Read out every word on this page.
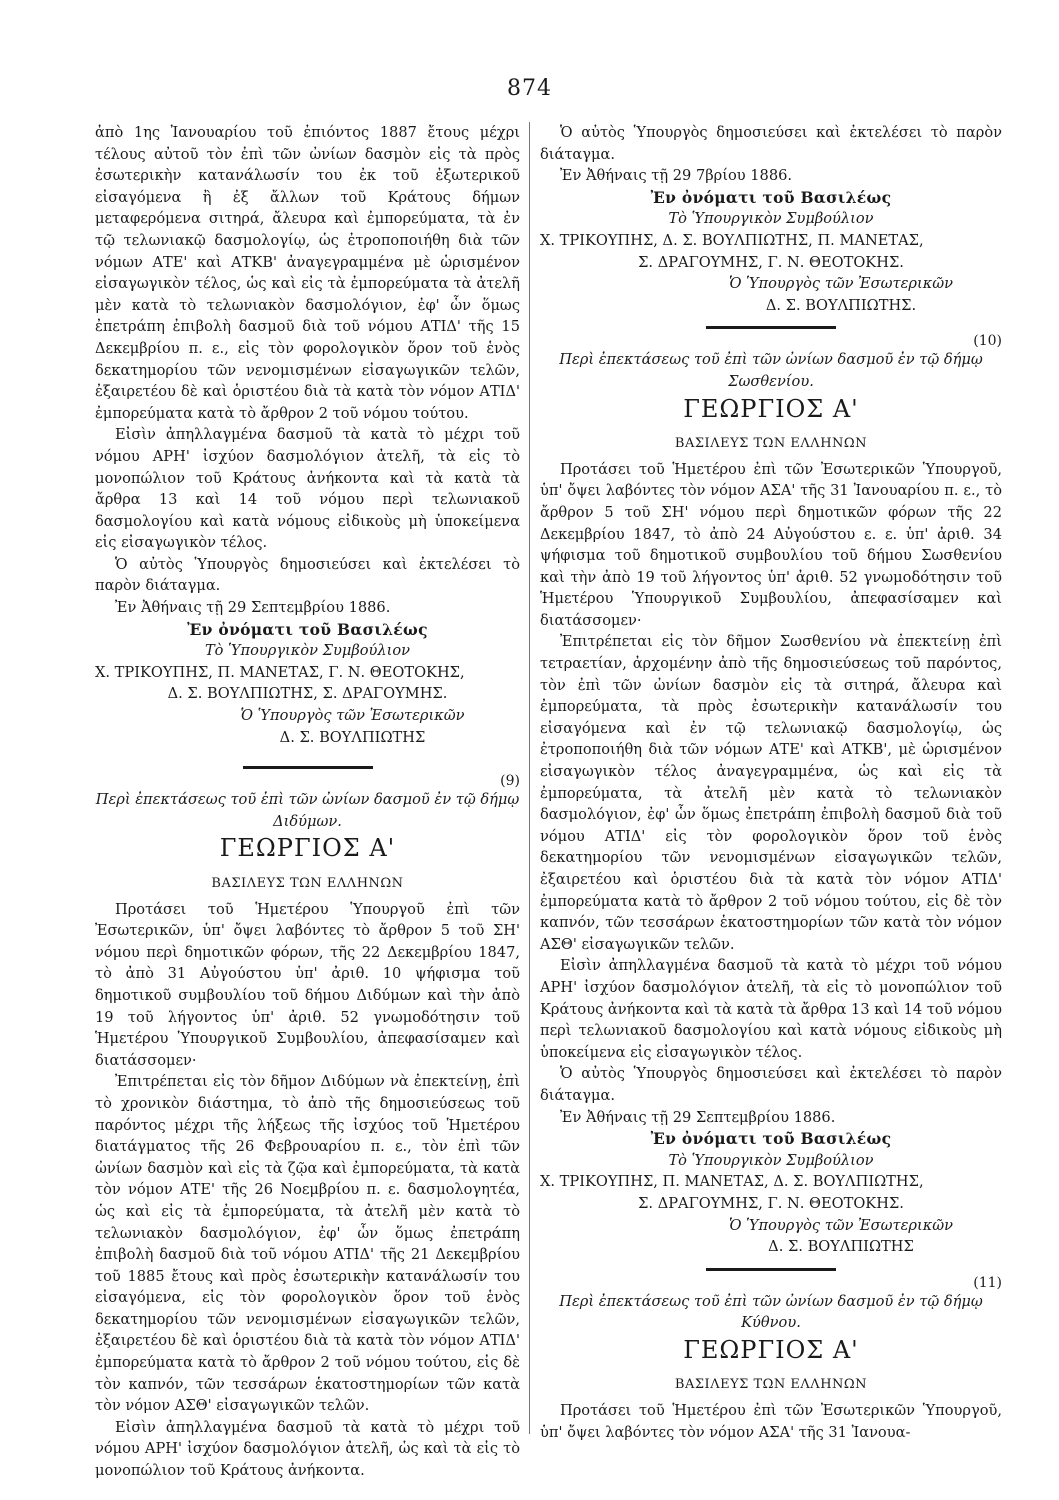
874

ἀπὸ 1ης Ἰανουαρίου τοῦ ἐπιόντος 1887 ἔτους μέχρι τέλους αὐτοῦ τὸν ἐπὶ τῶν ὠνίων δασμὸν εἰς τὰ πρὸς ἐσωτερικὴν κατανάλωσίν του ἐκ τοῦ ἐξωτερικοῦ εἰσαγόμενα ἢ ἐξ ἄλλων τοῦ Κράτους δήμων μεταφερόμενα σιτηρά, ἄλευρα καὶ ἐμπορεύματα, τὰ ἐν τῷ τελωνιακῷ δασμολογίῳ, ὡς ἐτροποποιήθη διὰ τῶν νόμων ΑΤΕ' καὶ ΑΤΚΒ' ἀναγεγραμμένα μὲ ὡρισμένον εἰσαγωγικὸν τέλος, ὡς καὶ εἰς τὰ ἐμπορεύματα τὰ ἀτελῆ μὲν κατὰ τὸ τελωνιακὸν δασμολόγιον, ἐφ' ὧν ὅμως ἐπετράπη ἐπιβολὴ δασμοῦ διὰ τοῦ νόμου ΑΤΙΔ' τῆς 15 Δεκεμβρίου π. ε., εἰς τὸν φορολογικὸν ὅρον τοῦ ἑνὸς δεκατημορίου τῶν νενομισμένων εἰσαγωγικῶν τελῶν, ἐξαιρετέου δὲ καὶ ὁριστέου διὰ τὰ κατὰ τὸν νόμον ΑΤΙΔ' ἐμπορεύματα κατὰ τὸ ἄρθρον 2 τοῦ νόμου τούτου.

Εἰσὶν ἀπηλλαγμένα δασμοῦ τὰ κατὰ τὸ μέχρι τοῦ νόμου ΑΡΗ' ἰσχύον δασμολόγιον ἀτελῆ, τὰ εἰς τὸ μονοπώλιον τοῦ Κράτους ἀνήκοντα καὶ τὰ κατὰ τὰ ἄρθρα 13 καὶ 14 τοῦ νόμου περὶ τελωνιακοῦ δασμολογίου καὶ κατὰ νόμους εἰδικοὺς μὴ ὑποκείμενα εἰς εἰσαγωγικὸν τέλος.

Ὁ αὐτὸς Ὑπουργὸς δημοσιεύσει καὶ ἐκτελέσει τὸ παρὸν διάταγμα.

Ἐν Ἀθήναις τῇ 29 Σεπτεμβρίου 1886.

Ἐν ὀνόματι τοῦ Βασιλέως

Τὸ Ὑπουργικὸν Συμβούλιον

Χ. ΤΡΙΚΟΥΠΗΣ, Π. ΜΑΝΕΤΑΣ, Γ. Ν. ΘΕΟΤΟΚΗΣ,

Δ. Σ. ΒΟΥΛΠΙΩΤΗΣ, Σ. ΔΡΑΓΟΥΜΗΣ.

Ὁ Ὑπουργὸς τῶν Ἐσωτερικῶν

Δ. Σ. ΒΟΥΛΠΙΩΤΗΣ

(9)

Περὶ ἐπεκτάσεως τοῦ ἐπὶ τῶν ὠνίων δασμοῦ ἐν τῷ δήμῳ Διδύμων.

ΓΕΩΡΓΙΟΣ Α'

ΒΑΣΙΛΕΥΣ ΤΩΝ ΕΛΛΗΝΩΝ

Προτάσει τοῦ Ἡμετέρου Ὑπουργοῦ ἐπὶ τῶν Ἐσωτερικῶν, ὑπ' ὄψει λαβόντες τὸ ἄρθρον 5 τοῦ ΣΗ' νόμου περὶ δημοτικῶν φόρων, τῆς 22 Δεκεμβρίου 1847, τὸ ἀπὸ 31 Αὐγούστου ὑπ' ἀριθ. 10 ψήφισμα τοῦ δημοτικοῦ συμβουλίου τοῦ δήμου Διδύμων καὶ τὴν ἀπὸ 19 τοῦ λήγοντος ὑπ' ἀριθ. 52 γνωμοδότησιν τοῦ Ἡμετέρου Ὑπουργικοῦ Συμβουλίου, ἀπεφασίσαμεν καὶ διατάσσομεν·

Ἐπιτρέπεται εἰς τὸν δῆμον Διδύμων νὰ ἐπεκτείνῃ, ἐπὶ τὸ χρονικὸν διάστημα, τὸ ἀπὸ τῆς δημοσιεύσεως τοῦ παρόντος μέχρι τῆς λήξεως τῆς ἰσχύος τοῦ Ἡμετέρου διατάγματος τῆς 26 Φεβρουαρίου π. ε., τὸν ἐπὶ τῶν ὠνίων δασμὸν καὶ εἰς τὰ ζῷα καὶ ἐμπορεύματα, τὰ κατὰ τὸν νόμον ΑΤΕ' τῆς 26 Νοεμβρίου π. ε. δασμολογητέα, ὡς καὶ εἰς τὰ ἐμπορεύματα, τὰ ἀτελῆ μὲν κατὰ τὸ τελωνιακὸν δασμολόγιον, ἐφ' ὧν ὅμως ἐπετράπη ἐπιβολὴ δασμοῦ διὰ τοῦ νόμου ΑΤΙΔ' τῆς 21 Δεκεμβρίου τοῦ 1885 ἔτους καὶ πρὸς ἐσωτερικὴν κατανάλωσίν του εἰσαγόμενα, εἰς τὸν φορολογικὸν ὅρον τοῦ ἑνὸς δεκατημορίου τῶν νενομισμένων εἰσαγωγικῶν τελῶν, ἐξαιρετέου δὲ καὶ ὁριστέου διὰ τὰ κατὰ τὸν νόμον ΑΤΙΔ' ἐμπορεύματα κατὰ τὸ ἄρθρον 2 τοῦ νόμου τούτου, εἰς δὲ τὸν καπνόν, τῶν τεσσάρων ἑκατοστημορίων τῶν κατὰ τὸν νόμον ΑΣΘ' εἰσαγωγικῶν τελῶν.

Εἰσὶν ἀπηλλαγμένα δασμοῦ τὰ κατὰ τὸ μέχρι τοῦ νόμου ΑΡΗ' ἰσχύον δασμολόγιον ἀτελῆ, ὡς καὶ τὰ εἰς τὸ μονοπώλιον τοῦ Κράτους ἀνήκοντα.

Ὁ αὐτὸς Ὑπουργὸς δημοσιεύσει καὶ ἐκτελέσει τὸ παρὸν διάταγμα.

Ἐν Ἀθήναις τῇ 29 7βρίου 1886.

Ἐν ὀνόματι τοῦ Βασιλέως

Τὸ Ὑπουργικὸν Συμβούλιον

Χ. ΤΡΙΚΟΥΠΗΣ, Δ. Σ. ΒΟΥΛΠΙΩΤΗΣ, Π. ΜΑΝΕΤΑΣ,

Σ. ΔΡΑΓΟΥΜΗΣ, Γ. Ν. ΘΕΟΤΟΚΗΣ.

Ὁ Ὑπουργὸς τῶν Ἐσωτερικῶν

Δ. Σ. ΒΟΥΛΠΙΩΤΗΣ.

(10)

Περὶ ἐπεκτάσεως τοῦ ἐπὶ τῶν ὠνίων δασμοῦ ἐν τῷ δήμῳ Σωσθενίου.

ΓΕΩΡΓΙΟΣ Α'

ΒΑΣΙΛΕΥΣ ΤΩΝ ΕΛΛΗΝΩΝ

Προτάσει τοῦ Ἡμετέρου ἐπὶ τῶν Ἐσωτερικῶν Ὑπουργοῦ, ὑπ' ὄψει λαβόντες τὸν νόμον ΑΣΑ' τῆς 31 Ἰανουαρίου π. ε., τὸ ἄρθρον 5 τοῦ ΣΗ' νόμου περὶ δημοτικῶν φόρων τῆς 22 Δεκεμβρίου 1847, τὸ ἀπὸ 24 Αὐγούστου ε. ε. ὑπ' ἀριθ. 34 ψήφισμα τοῦ δημοτικοῦ συμβουλίου τοῦ δήμου Σωσθενίου καὶ τὴν ἀπὸ 19 τοῦ λήγοντος ὑπ' ἀριθ. 52 γνωμοδότησιν τοῦ Ἡμετέρου Ὑπουργικοῦ Συμβουλίου, ἀπεφασίσαμεν καὶ διατάσσομεν·

Ἐπιτρέπεται εἰς τὸν δῆμον Σωσθενίου νὰ ἐπεκτείνῃ ἐπὶ τετραετίαν, ἀρχομένην ἀπὸ τῆς δημοσιεύσεως τοῦ παρόντος, τὸν ἐπὶ τῶν ὠνίων δασμὸν εἰς τὰ σιτηρά, ἄλευρα καὶ ἐμπορεύματα, τὰ πρὸς ἐσωτερικὴν κατανάλωσίν του εἰσαγόμενα καὶ ἐν τῷ τελωνιακῷ δασμολογίῳ, ὡς ἐτροποποιήθη διὰ τῶν νόμων ΑΤΕ' καὶ ΑΤΚΒ', μὲ ὡρισμένον εἰσαγωγικὸν τέλος ἀναγεγραμμένα, ὡς καὶ εἰς τὰ ἐμπορεύματα, τὰ ἀτελῆ μὲν κατὰ τὸ τελωνιακὸν δασμολόγιον, ἐφ' ὧν ὅμως ἐπετράπη ἐπιβολὴ δασμοῦ διὰ τοῦ νόμου ΑΤΙΔ' εἰς τὸν φορολογικὸν ὅρον τοῦ ἑνὸς δεκατημορίου τῶν νενομισμένων εἰσαγωγικῶν τελῶν, ἐξαιρετέου καὶ ὁριστέου διὰ τὰ κατὰ τὸν νόμον ΑΤΙΔ' ἐμπορεύματα κατὰ τὸ ἄρθρον 2 τοῦ νόμου τούτου, εἰς δὲ τὸν καπνόν, τῶν τεσσάρων ἑκατοστημορίων τῶν κατὰ τὸν νόμον ΑΣΘ' εἰσαγωγικῶν τελῶν.

Εἰσὶν ἀπηλλαγμένα δασμοῦ τὰ κατὰ τὸ μέχρι τοῦ νόμου ΑΡΗ' ἰσχύον δασμολόγιον ἀτελῆ, τὰ εἰς τὸ μονοπώλιον τοῦ Κράτους ἀνήκοντα καὶ τὰ κατὰ τὰ ἄρθρα 13 καὶ 14 τοῦ νόμου περὶ τελωνιακοῦ δασμολογίου καὶ κατὰ νόμους εἰδικοὺς μὴ ὑποκείμενα εἰς εἰσαγωγικὸν τέλος.

Ὁ αὐτὸς Ὑπουργὸς δημοσιεύσει καὶ ἐκτελέσει τὸ παρὸν διάταγμα.

Ἐν Ἀθήναις τῇ 29 Σεπτεμβρίου 1886.

Ἐν ὀνόματι τοῦ Βασιλέως

Τὸ Ὑπουργικὸν Συμβούλιον

Χ. ΤΡΙΚΟΥΠΗΣ, Π. ΜΑΝΕΤΑΣ, Δ. Σ. ΒΟΥΛΠΙΩΤΗΣ,

Σ. ΔΡΑΓΟΥΜΗΣ, Γ. Ν. ΘΕΟΤΟΚΗΣ.

Ὁ Ὑπουργὸς τῶν Ἐσωτερικῶν

Δ. Σ. ΒΟΥΛΠΙΩΤΗΣ

(11)

Περὶ ἐπεκτάσεως τοῦ ἐπὶ τῶν ὠνίων δασμοῦ ἐν τῷ δήμῳ Κύθνου.

ΓΕΩΡΓΙΟΣ Α'

ΒΑΣΙΛΕΥΣ ΤΩΝ ΕΛΛΗΝΩΝ

Προτάσει τοῦ Ἡμετέρου ἐπὶ τῶν Ἐσωτερικῶν Ὑπουργοῦ, ὑπ' ὄψει λαβόντες τὸν νόμον ΑΣΑ' τῆς 31 Ἰανουα-
